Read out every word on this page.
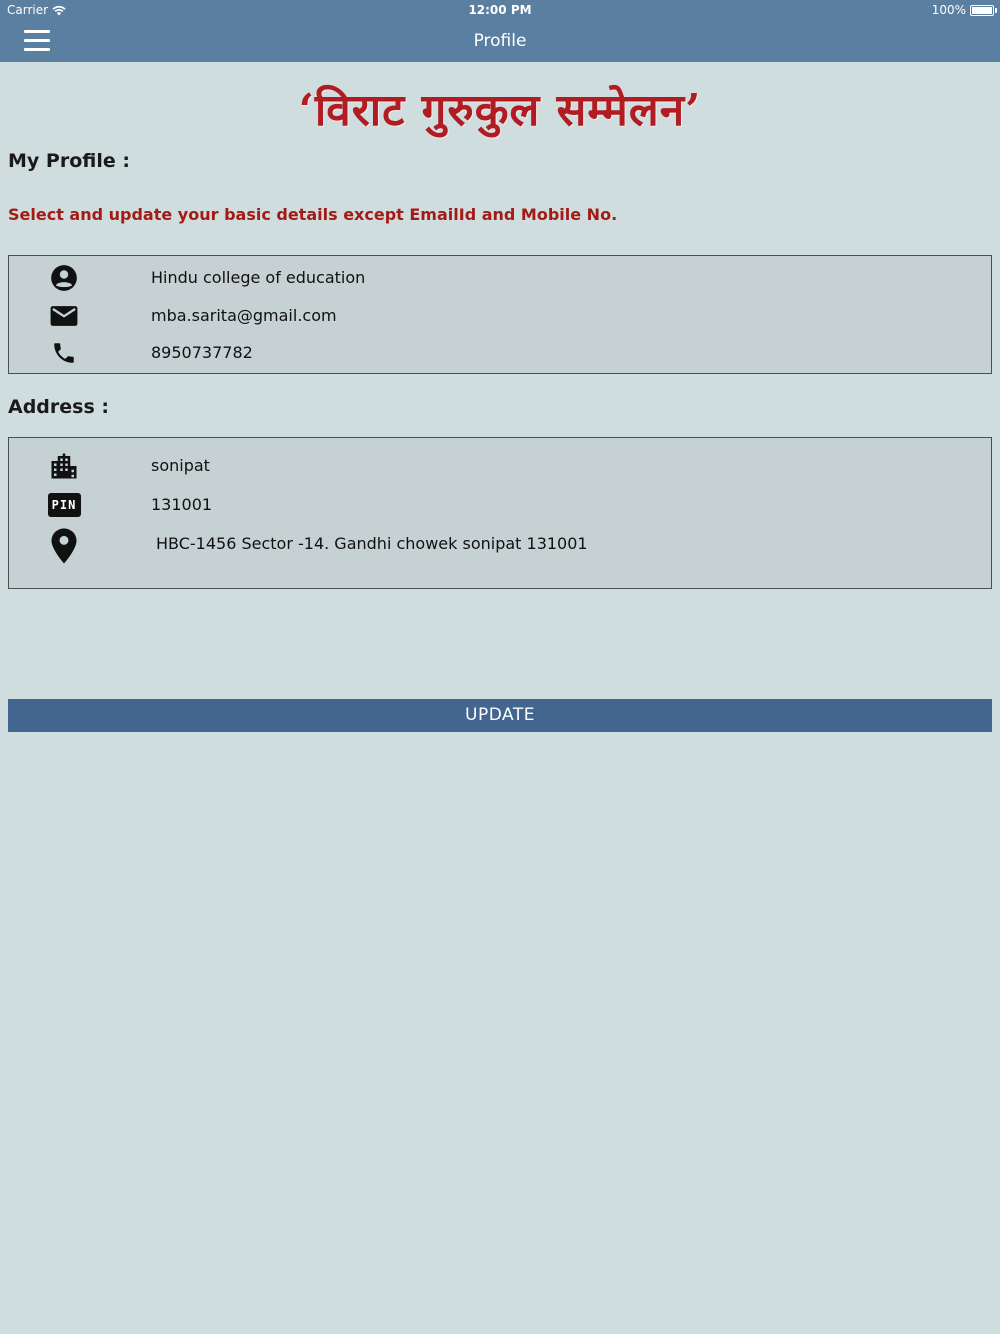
Carrier	12:00 PM	100%
Profile
‘विराट गुरुकुल सम्मेलन’
My Profile :
Select and update your basic details except EmailId and Mobile No.
Hindu college of education
mba.sarita@gmail.com
8950737782
Address :
sonipat
PIN	131001
HBC-1456 Sector -14. Gandhi chowek sonipat 131001
UPDATE
